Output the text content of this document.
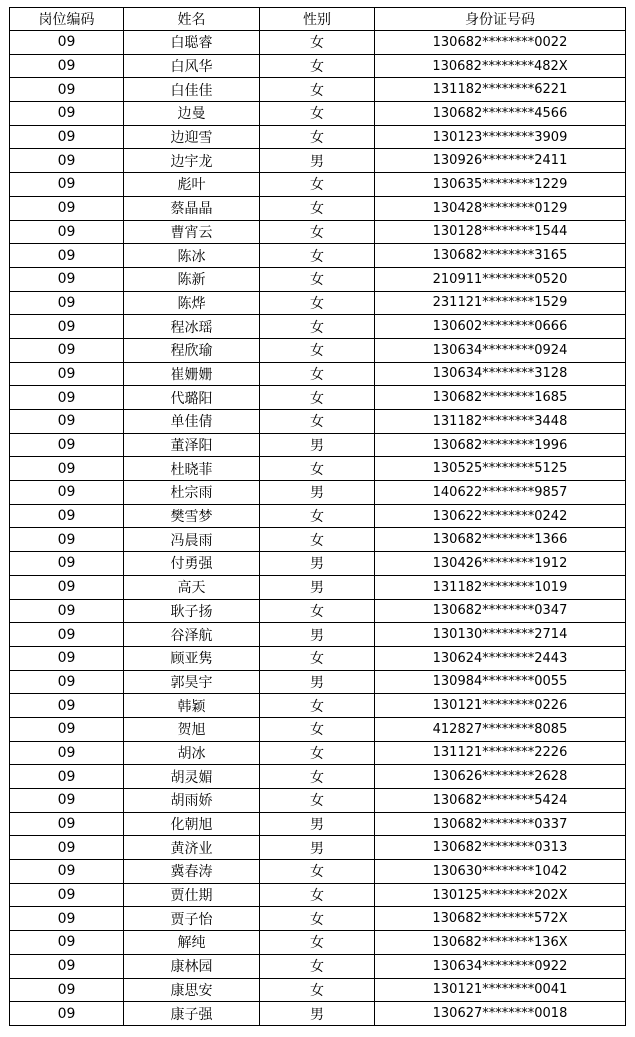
岗位编码	姓名	性别	身份证号码
09	白聪睿	女	130682********0022
09	白风华	女	130682********482X
09	白佳佳	女	131182********6221
09	边曼	女	130682********4566
09	边迎雪	女	130123********3909
09	边宇龙	男	130926********2411
09	彪叶	女	130635********1229
09	蔡晶晶	女	130428********0129
09	曹宵云	女	130128********1544
09	陈冰	女	130682********3165
09	陈新	女	210911********0520
09	陈烨	女	231121********1529
09	程冰瑶	女	130602********0666
09	程欣瑜	女	130634********0924
09	崔姗姗	女	130634********3128
09	代璐阳	女	130682********1685
09	单佳倩	女	131182********3448
09	董泽阳	男	130682********1996
09	杜晓菲	女	130525********5125
09	杜宗雨	男	140622********9857
09	樊雪梦	女	130622********0242
09	冯晨雨	女	130682********1366
09	付勇强	男	130426********1912
09	高天	男	131182********1019
09	耿子扬	女	130682********0347
09	谷泽航	男	130130********2714
09	顾亚隽	女	130624********2443
09	郭昊宇	男	130984********0055
09	韩颖	女	130121********0226
09	贺旭	女	412827********8085
09	胡冰	女	131121********2226
09	胡灵媚	女	130626********2628
09	胡雨娇	女	130682********5424
09	化朝旭	男	130682********0337
09	黄济业	男	130682********0313
09	冀春涛	女	130630********1042
09	贾仕期	女	130125********202X
09	贾子怡	女	130682********572X
09	解纯	女	130682********136X
09	康林园	女	130634********0922
09	康思安	女	130121********0041
09	康子强	男	130627********0018
